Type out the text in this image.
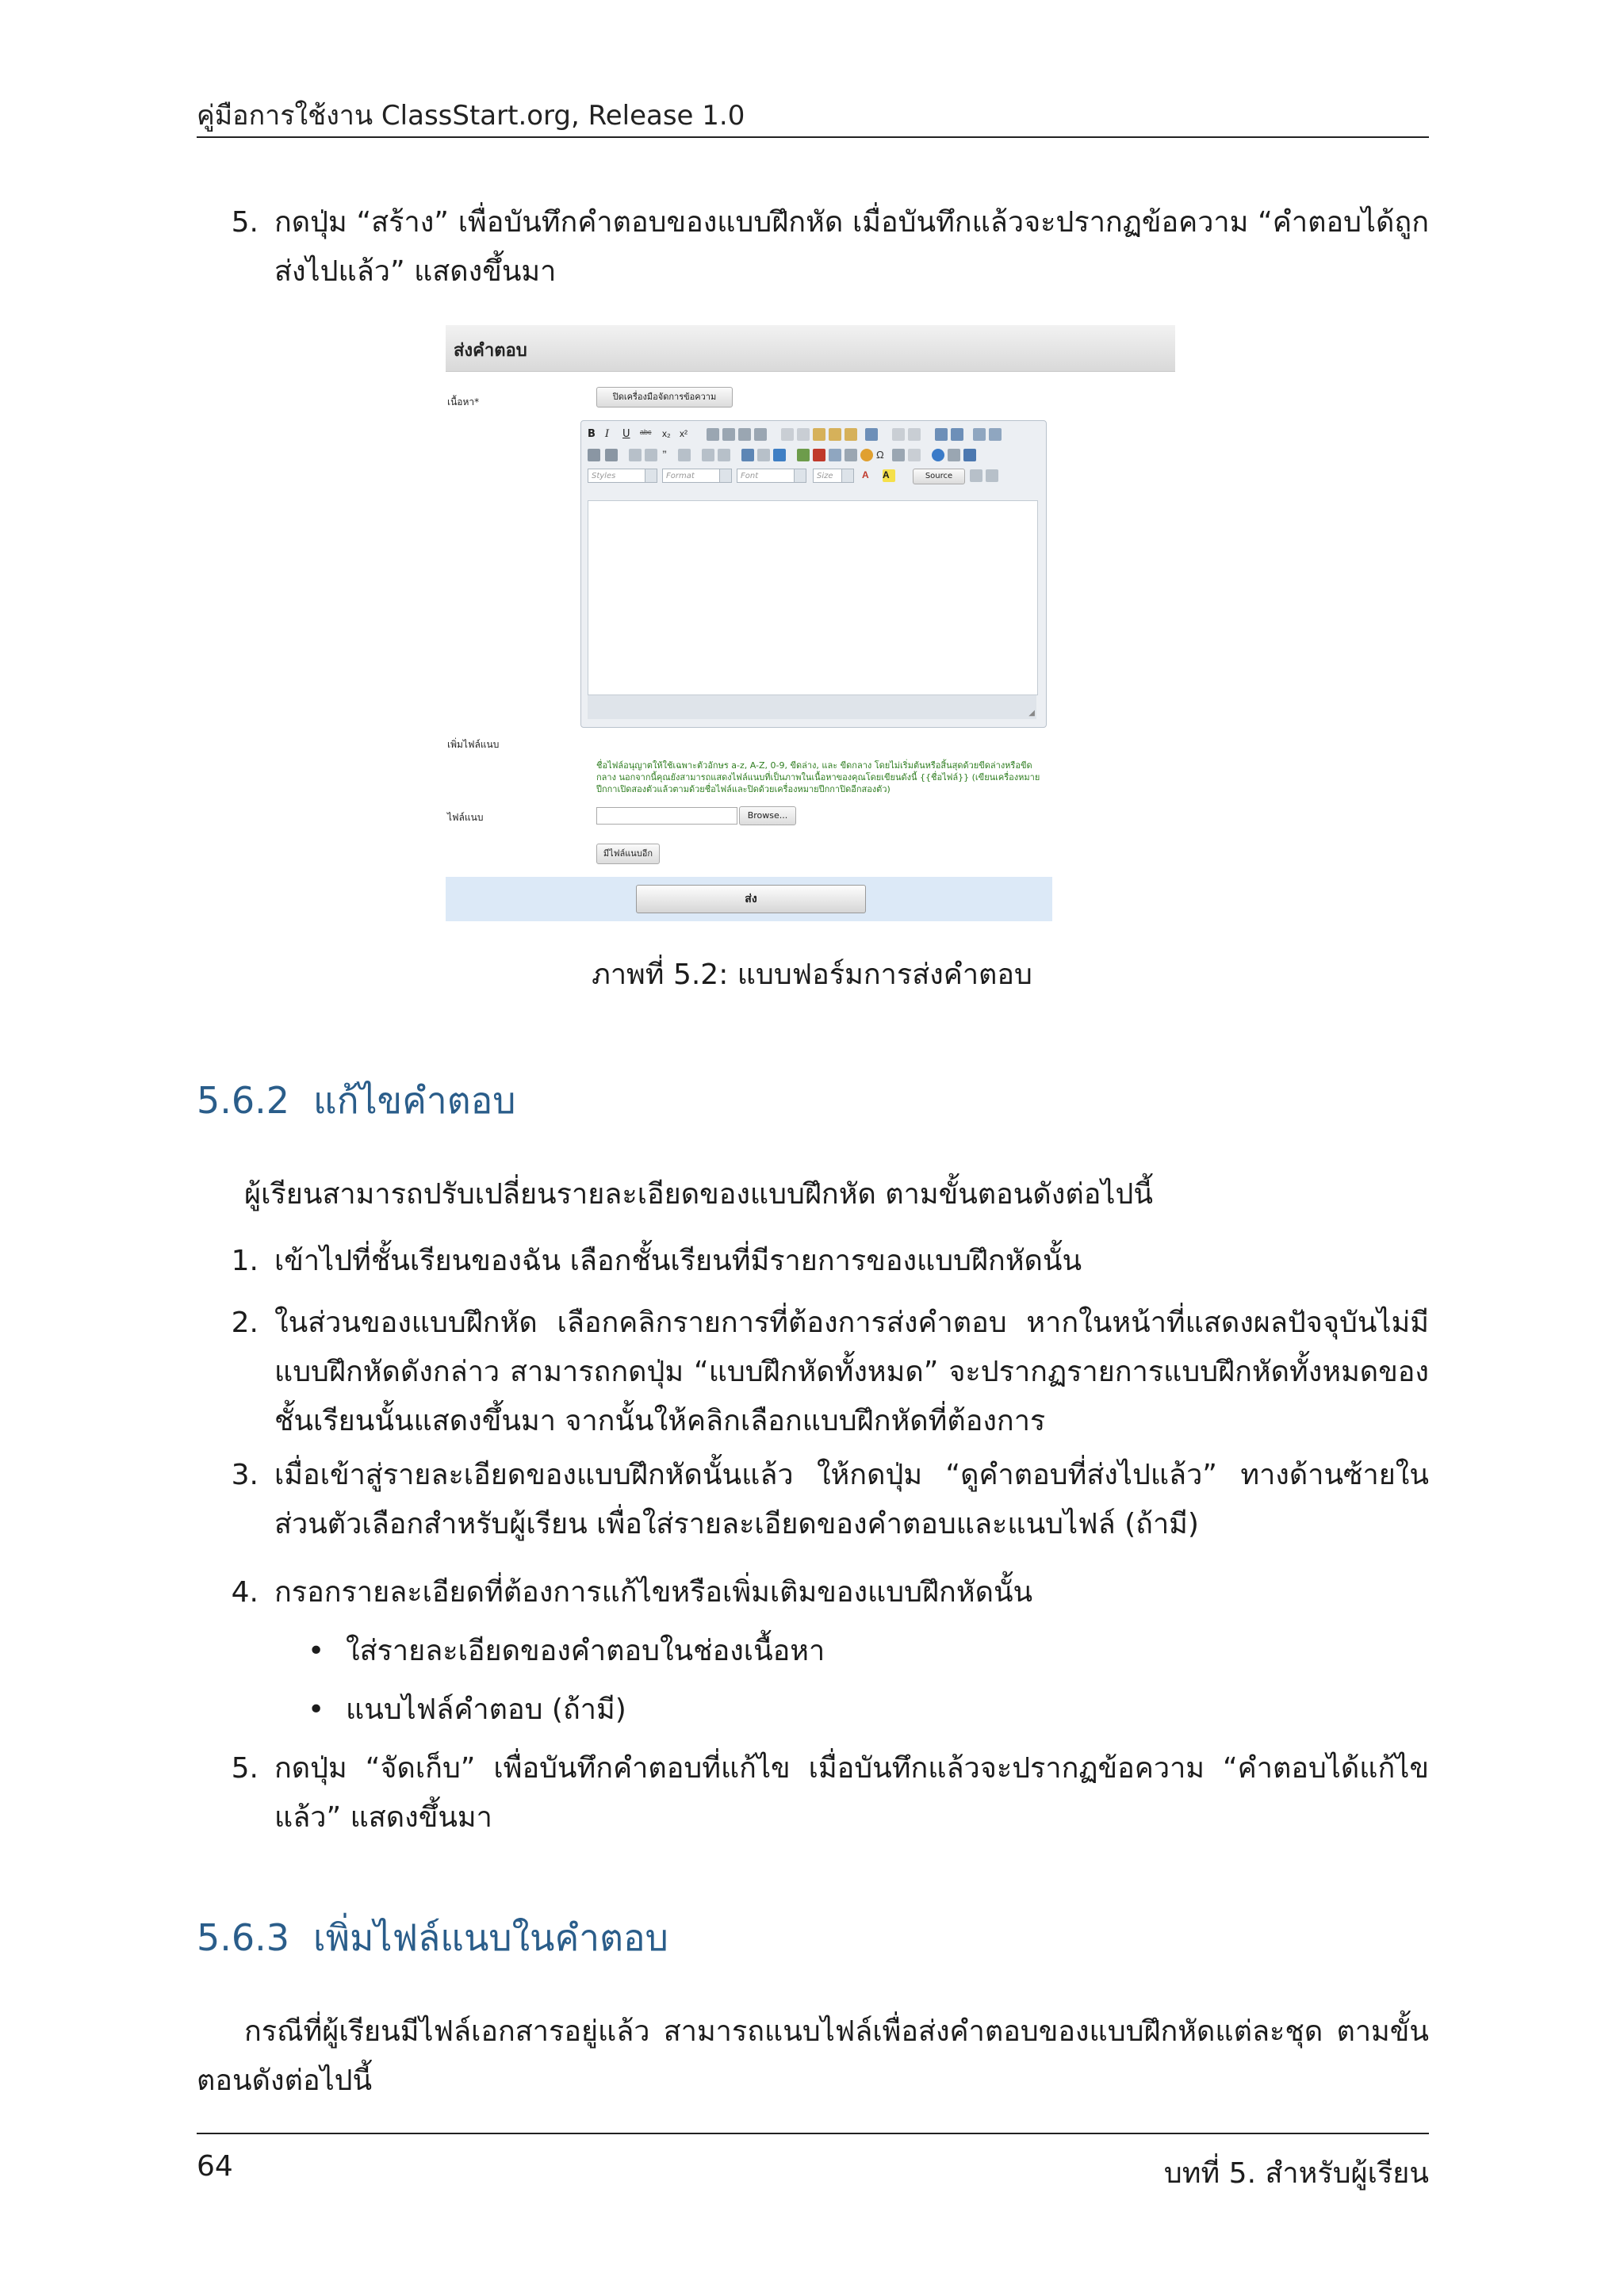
คู่มือการใช้งาน ClassStart.org, Release 1.0
5. กดปุ่ม “สร้าง” เพื่อบันทึกคำตอบของแบบฝึกหัด เมื่อบันทึกแล้วจะปรากฏข้อความ “คำตอบได้ถูกส่งไปแล้ว” แสดงขึ้นมา
ส่งคำตอบ
เนื้อหา*	ปิดเครื่องมือจัดการข้อความ
B I	U	abc x₂ x²
”	Ω
Styles	Format	Font	Size	A	A	Source
◢
เพิ่มไฟล์แนบ
ชื่อไฟล์อนุญาตให้ใช้เฉพาะตัวอักษร a-z, A-Z, 0-9, ขีดล่าง, และ ขีดกลาง โดยไม่เริ่มต้นหรือสิ้นสุดด้วยขีดล่างหรือขีดกลาง นอกจากนี้คุณยังสามารถแสดงไฟล์แนบที่เป็นภาพในเนื้อหาของคุณโดยเขียนดังนี้ {{ชื่อไฟล์}} (เขียนเครื่องหมายปีกกาเปิดสองตัวแล้วตามด้วยชื่อไฟล์และปิดด้วยเครื่องหมายปีกกาปิดอีกสองตัว)
ไฟล์แนบ	Browse...
มีไฟล์แนบอีก
ส่ง
ภาพที่ 5.2: แบบฟอร์มการส่งคำตอบ
5.6.2 แก้ไขคำตอบ
ผู้เรียนสามารถปรับเปลี่ยนรายละเอียดของแบบฝึกหัด ตามขั้นตอนดังต่อไปนี้
1. เข้าไปที่ชั้นเรียนของฉัน เลือกชั้นเรียนที่มีรายการของแบบฝึกหัดนั้น
2. ในส่วนของแบบฝึกหัด เลือกคลิกรายการที่ต้องการส่งคำตอบ หากในหน้าที่แสดงผลปัจจุบันไม่มีแบบฝึกหัดดังกล่าว สามารถกดปุ่ม “แบบฝึกหัดทั้งหมด” จะปรากฏรายการแบบฝึกหัดทั้งหมดของชั้นเรียนนั้นแสดงขึ้นมา จากนั้นให้คลิกเลือกแบบฝึกหัดที่ต้องการ
3. เมื่อเข้าสู่รายละเอียดของแบบฝึกหัดนั้นแล้ว ให้กดปุ่ม “ดูคำตอบที่ส่งไปแล้ว” ทางด้านซ้ายในส่วนตัวเลือกสำหรับผู้เรียน เพื่อใส่รายละเอียดของคำตอบและแนบไฟล์ (ถ้ามี)
4. กรอกรายละเอียดที่ต้องการแก้ไขหรือเพิ่มเติมของแบบฝึกหัดนั้น
• ใส่รายละเอียดของคำตอบในช่องเนื้อหา
• แนบไฟล์คำตอบ (ถ้ามี)
5. กดปุ่ม “จัดเก็บ” เพื่อบันทึกคำตอบที่แก้ไข เมื่อบันทึกแล้วจะปรากฏข้อความ “คำตอบได้แก้ไขแล้ว” แสดงขึ้นมา
5.6.3 เพิ่มไฟล์แนบในคำตอบ
กรณีที่ผู้เรียนมีไฟล์เอกสารอยู่แล้ว สามารถแนบไฟล์เพื่อส่งคำตอบของแบบฝึกหัดแต่ละชุด ตามขั้นตอนดังต่อไปนี้
64	บทที่ 5. สำหรับผู้เรียน
